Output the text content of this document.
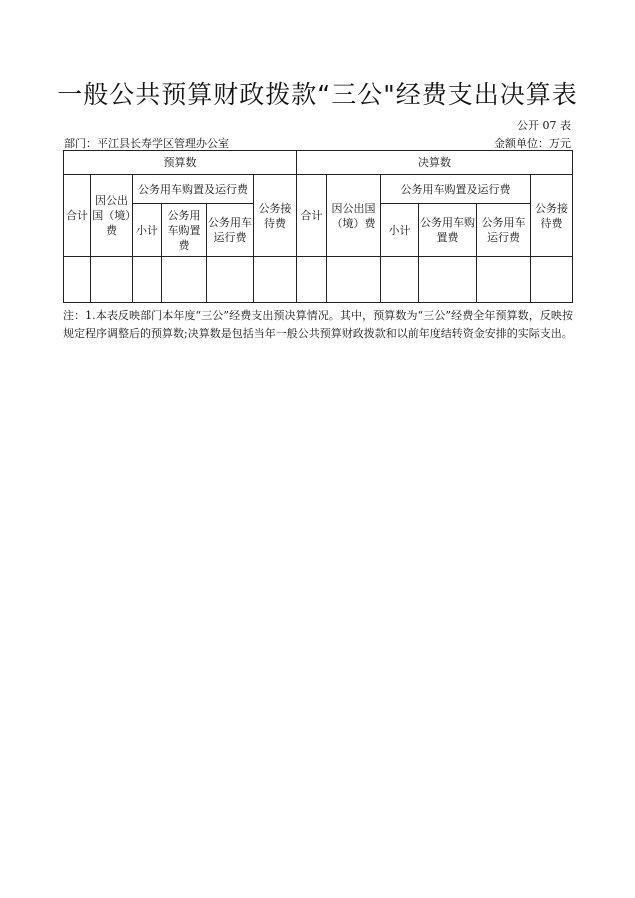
一般公共预算财政拨款“三公"经费支出决算表
公开 07 表
部门：平江县长寿学区管理办公室	金额单位：万元
预算数						决算数					
合计	因公出国（境）费	公务用车购置及运行费			公务接待费	合计	因公出国（境）费	公务用车购置及运行费			公务接待费
		小计	公务用车购置费	公务用车运行费				小计	公务用车购置费	公务用车运行费	

注：1.本表反映部门本年度“三公”经费支出预决算情况。其中，预算数为“三公”经费全年预算数，反映按规定程序调整后的预算数;决算数是包括当年一般公共预算财政拨款和以前年度结转资金安排的实际支出。
